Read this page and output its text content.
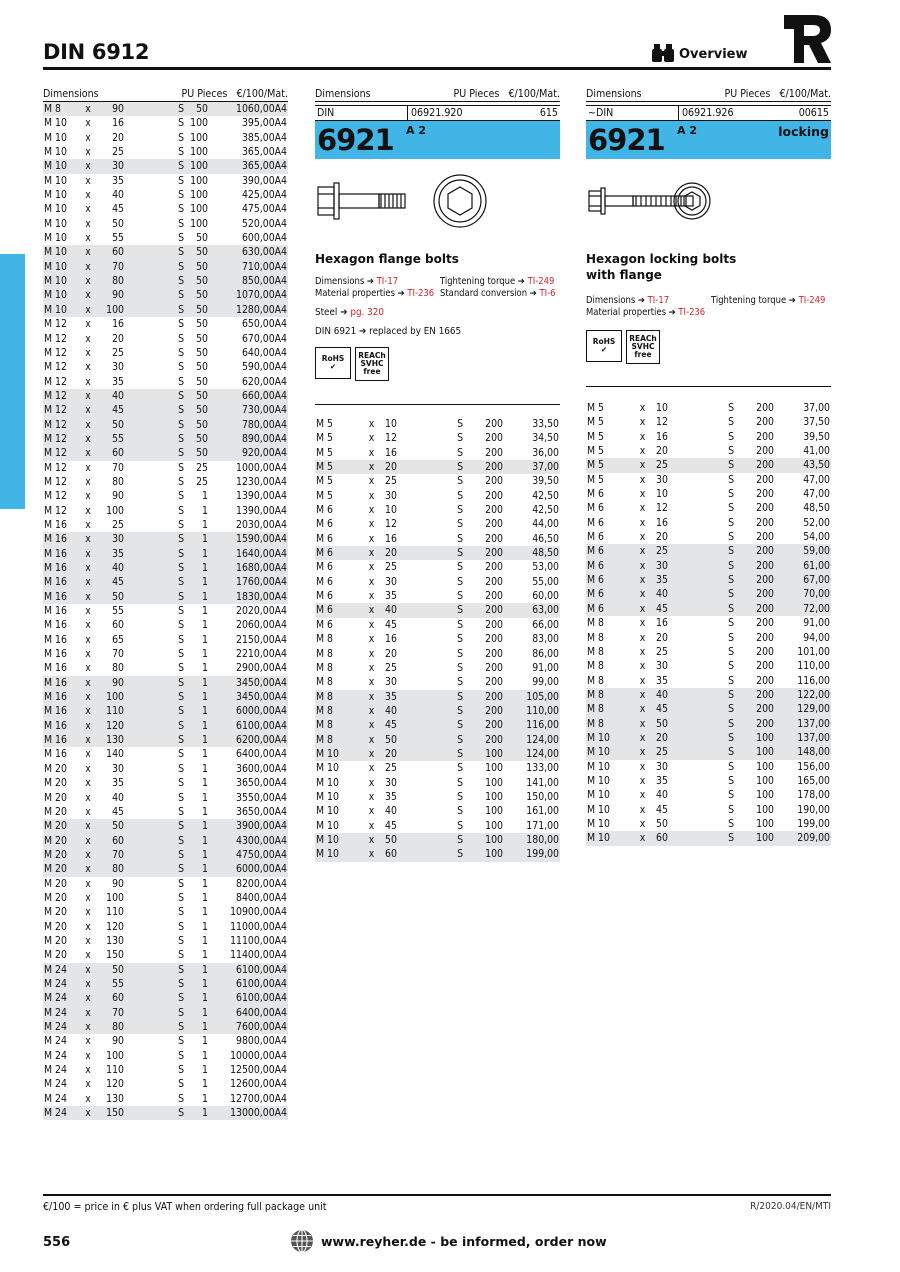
DIN 6912	Overview
Dimensions	PU Pieces €/100/Mat.
M 8	x	90		S	50	1060,00A4
M 10	x	16		S	100	395,00A4
M 10	x	20		S	100	385,00A4
M 10	x	25		S	100	365,00A4
M 10	x	30		S	100	365,00A4
M 10	x	35		S	100	390,00A4
M 10	x	40		S	100	425,00A4
M 10	x	45		S	100	475,00A4
M 10	x	50		S	100	520,00A4
M 10	x	55		S	50	600,00A4
M 10	x	60		S	50	630,00A4
M 10	x	70		S	50	710,00A4
M 10	x	80		S	50	850,00A4
M 10	x	90		S	50	1070,00A4
M 10	x	100		S	50	1280,00A4
M 12	x	16		S	50	650,00A4
M 12	x	20		S	50	670,00A4
M 12	x	25		S	50	640,00A4
M 12	x	30		S	50	590,00A4
M 12	x	35		S	50	620,00A4
M 12	x	40		S	50	660,00A4
M 12	x	45		S	50	730,00A4
M 12	x	50		S	50	780,00A4
M 12	x	55		S	50	890,00A4
M 12	x	60		S	50	920,00A4
M 12	x	70		S	25	1000,00A4
M 12	x	80		S	25	1230,00A4
M 12	x	90		S	1	1390,00A4
M 12	x	100		S	1	1390,00A4
M 16	x	25		S	1	2030,00A4
M 16	x	30		S	1	1590,00A4
M 16	x	35		S	1	1640,00A4
M 16	x	40		S	1	1680,00A4
M 16	x	45		S	1	1760,00A4
M 16	x	50		S	1	1830,00A4
M 16	x	55		S	1	2020,00A4
M 16	x	60		S	1	2060,00A4
M 16	x	65		S	1	2150,00A4
M 16	x	70		S	1	2210,00A4
M 16	x	80		S	1	2900,00A4
M 16	x	90		S	1	3450,00A4
M 16	x	100		S	1	3450,00A4
M 16	x	110		S	1	6000,00A4
M 16	x	120		S	1	6100,00A4
M 16	x	130		S	1	6200,00A4
M 16	x	140		S	1	6400,00A4
M 20	x	30		S	1	3600,00A4
M 20	x	35		S	1	3650,00A4
M 20	x	40		S	1	3550,00A4
M 20	x	45		S	1	3650,00A4
M 20	x	50		S	1	3900,00A4
M 20	x	60		S	1	4300,00A4
M 20	x	70		S	1	4750,00A4
M 20	x	80		S	1	6000,00A4
M 20	x	90		S	1	8200,00A4
M 20	x	100		S	1	8400,00A4
M 20	x	110		S	1	10900,00A4
M 20	x	120		S	1	11000,00A4
M 20	x	130		S	1	11100,00A4
M 20	x	150		S	1	11400,00A4
M 24	x	50		S	1	6100,00A4
M 24	x	55		S	1	6100,00A4
M 24	x	60		S	1	6100,00A4
M 24	x	70		S	1	6400,00A4
M 24	x	80		S	1	7600,00A4
M 24	x	90		S	1	9800,00A4
M 24	x	100		S	1	10000,00A4
M 24	x	110		S	1	12500,00A4
M 24	x	120		S	1	12600,00A4
M 24	x	130		S	1	12700,00A4
M 24	x	150		S	1	13000,00A4
Dimensions	PU Pieces €/100/Mat.
DIN	06921.920	615
6921 A 2
Hexagon flange bolts
Dimensions ➔ TI-17	Tightening torque ➔ TI-249
Material properties ➔ TI-236 Standard conversion ➔ TI-6
Steel ➔ pg. 320
DIN 6921 ➔ replaced by EN 1665
RoHS
✔
REACh
SVHC
free
M 5	x	10	S	200	33,50
M 5	x	12	S	200	34,50
M 5	x	16	S	200	36,00
M 5	x	20	S	200	37,00
M 5	x	25	S	200	39,50
M 5	x	30	S	200	42,50
M 6	x	10	S	200	42,50
M 6	x	12	S	200	44,00
M 6	x	16	S	200	46,50
M 6	x	20	S	200	48,50
M 6	x	25	S	200	53,00
M 6	x	30	S	200	55,00
M 6	x	35	S	200	60,00
M 6	x	40	S	200	63,00
M 6	x	45	S	200	66,00
M 8	x	16	S	200	83,00
M 8	x	20	S	200	86,00
M 8	x	25	S	200	91,00
M 8	x	30	S	200	99,00
M 8	x	35	S	200	105,00
M 8	x	40	S	200	110,00
M 8	x	45	S	200	116,00
M 8	x	50	S	200	124,00
M 10	x	20	S	100	124,00
M 10	x	25	S	100	133,00
M 10	x	30	S	100	141,00
M 10	x	35	S	100	150,00
M 10	x	40	S	100	161,00
M 10	x	45	S	100	171,00
M 10	x	50	S	100	180,00
M 10	x	60	S	100	199,00
Dimensions	PU Pieces €/100/Mat.
~DIN	06921.926	00615
6921 A 2	locking
Hexagon locking bolts
with flange
Dimensions ➔ TI-17	Tightening torque ➔ TI-249
Material properties ➔ TI-236
RoHS
✔
REACh
SVHC
free
M 5	x	10	S	200	37,00
M 5	x	12	S	200	37,50
M 5	x	16	S	200	39,50
M 5	x	20	S	200	41,00
M 5	x	25	S	200	43,50
M 5	x	30	S	200	47,00
M 6	x	10	S	200	47,00
M 6	x	12	S	200	48,50
M 6	x	16	S	200	52,00
M 6	x	20	S	200	54,00
M 6	x	25	S	200	59,00
M 6	x	30	S	200	61,00
M 6	x	35	S	200	67,00
M 6	x	40	S	200	70,00
M 6	x	45	S	200	72,00
M 8	x	16	S	200	91,00
M 8	x	20	S	200	94,00
M 8	x	25	S	200	101,00
M 8	x	30	S	200	110,00
M 8	x	35	S	200	116,00
M 8	x	40	S	200	122,00
M 8	x	45	S	200	129,00
M 8	x	50	S	200	137,00
M 10	x	20	S	100	137,00
M 10	x	25	S	100	148,00
M 10	x	30	S	100	156,00
M 10	x	35	S	100	165,00
M 10	x	40	S	100	178,00
M 10	x	45	S	100	190,00
M 10	x	50	S	100	199,00
M 10	x	60	S	100	209,00
€/100 = price in € plus VAT when ordering full package unit	R/2020.04/EN/MTI
556	www.reyher.de - be informed, order now
